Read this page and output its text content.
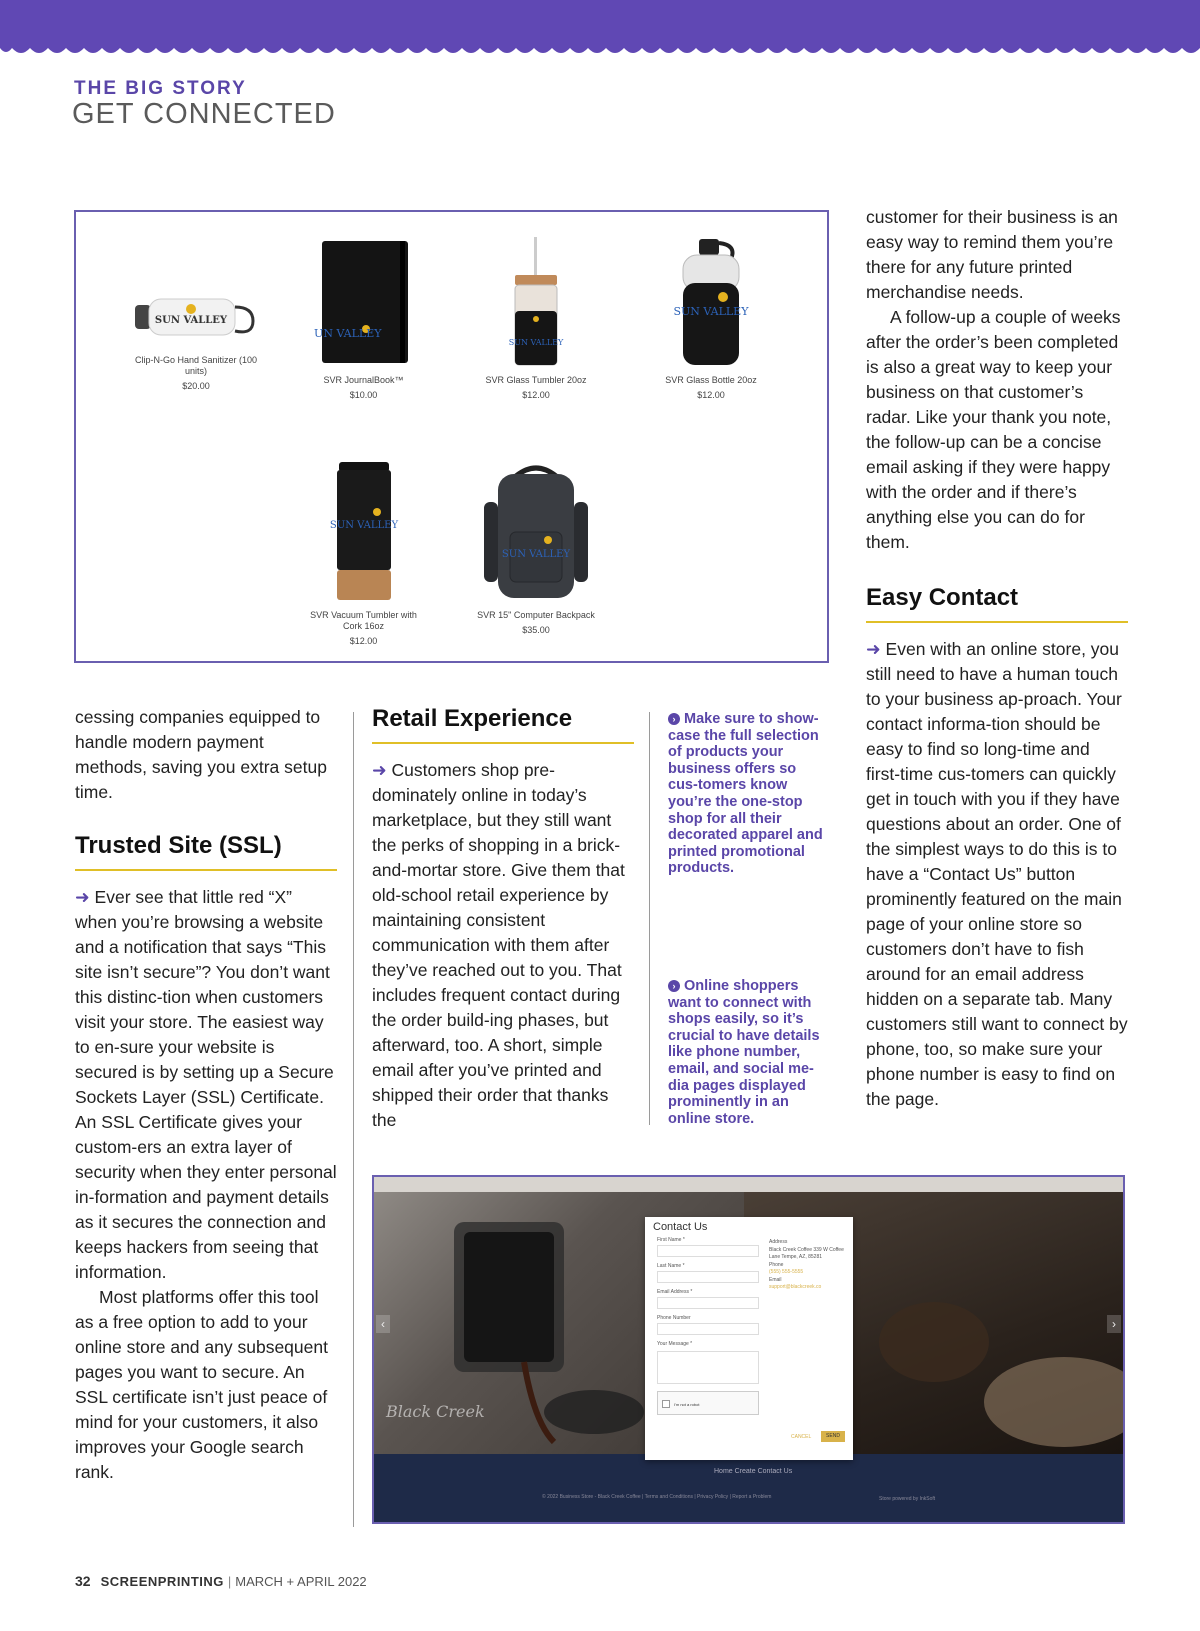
THE BIG STORY
GET CONNECTED
SUN VALLEY
Clip-N-Go Hand Sanitizer (100 units)
$20.00
SUN VALLEY
SVR JournalBook™
$10.00
SUN VALLEY
SVR Glass Tumbler 20oz
$12.00
SUN VALLEY
SVR Glass Bottle 20oz
$12.00
SUN VALLEY
SVR Vacuum Tumbler with Cork 16oz
$12.00
SUN VALLEY
SVR 15" Computer Backpack
$35.00

cessing companies equipped to handle modern payment methods, saving you extra setup time.

Trusted Site (SSL)

➜ Ever see that little red “X” when you’re browsing a website and a notification that says “This site isn’t secure”? You don’t want this distinc-tion when customers visit your store. The easiest way to en-sure your website is secured is by setting up a Secure Sockets Layer (SSL) Certificate. An SSL Certificate gives your custom-ers an extra layer of security when they enter personal in-formation and payment details as it secures the connection and keeps hackers from seeing that information.

Most platforms offer this tool as a free option to add to your online store and any subsequent pages you want to secure. An SSL certificate isn’t just peace of mind for your customers, it also improves your Google search rank.

Retail Experience

➜ Customers shop pre-dominately online in today’s marketplace, but they still want the perks of shopping in a brick-and-mortar store. Give them that old-school retail experience by maintaining consistent communication with them after they’ve reached out to you. That includes frequent contact during the order build-ing phases, but afterward, too. A short, simple email after you’ve printed and shipped their order that thanks the

› Make sure to show-case the full selection of products your business offers so cus-tomers know you’re the one-stop shop for all their decorated apparel and printed promotional products.
› Online shoppers want to connect with shops easily, so it’s crucial to have details like phone number, email, and social me-dia pages displayed prominently in an online store.

customer for their business is an easy way to remind them you’re there for any future printed merchandise needs.

A follow-up a couple of weeks after the order’s been completed is also a great way to keep your business on that customer’s radar. Like your thank you note, the follow-up can be a concise email asking if they were happy with the order and if there’s anything else you can do for them.

Easy Contact

➜ Even with an online store, you still need to have a human touch to your business ap-proach. Your contact informa-tion should be easy to find so long-time and first-time cus-tomers can quickly get in touch with you if they have questions about an order. One of the simplest ways to do this is to have a “Contact Us” button prominently featured on the main page of your online store so customers don’t have to fish around for an email address hidden on a separate tab. Many customers still want to connect by phone, too, so make sure your phone number is easy to find on the page.

Black Creek
‹	›
Home Create Contact Us
© 2022 Business Store - Black Creek Coffee | Terms and Conditions | Privacy Policy | Report a Problem	Store powered by InkSoft
Contact Us
First Name *
Last Name *
Email Address *
Phone Number
Your Message *
I'm not a robot
Address
Black Creek Coffee 339 W Coffee Lane Tempe, AZ, 85281
Phone
(555) 555-5555
Email
support@blackcreek.co
CANCEL	SEND
32 SCREENPRINTING | MARCH + APRIL 2022
